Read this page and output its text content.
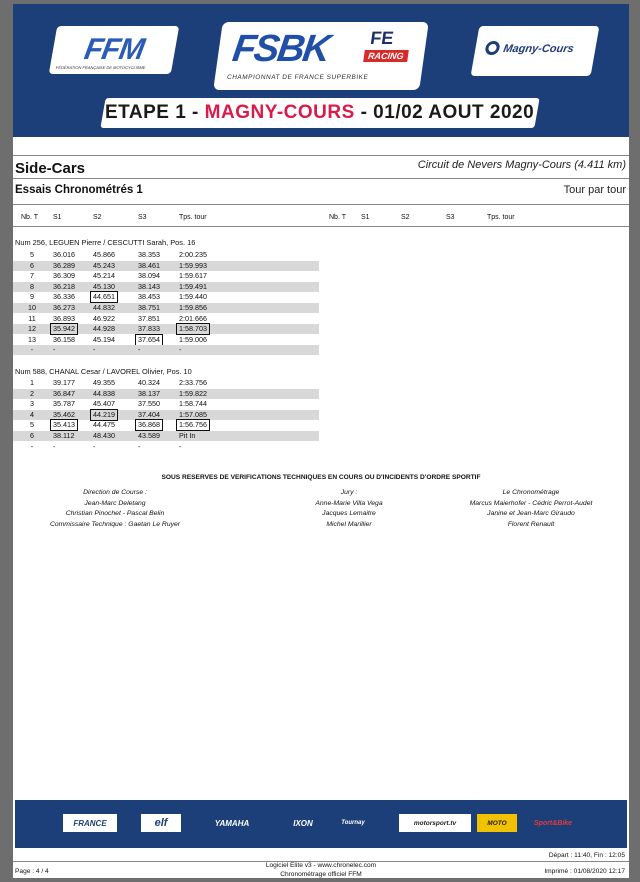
FFM
FÉDÉRATION FRANÇAISE DE MOTOCYCLISME FSBK FE
RACING
CHAMPIONNAT DE FRANCE SUPERBIKE
Magny-Cours
ETAPE 1 - MAGNY-COURS - 01/02 AOUT 2020
Side-Cars	Circuit de Nevers Magny-Cours (4.411 km)
Essais Chronométrés 1	Tour par tour
Nb. T S1	S2	S3	Tps. tour	Nb. T S1	S2	S3	Tps. tour
Num 256, LEGUEN Pierre / CESCUTTI Sarah, Pos. 16
5	36.016	45.866	38.353	2:00.235
6	36.289	45.243	38.461	1:59.993
7	36.309	45.214	38.094	1:59.617
8	36.218	45.130	38.143	1:59.491
9	36.336	44.651	38.453	1:59.440
10	36.273	44.832	38.751	1:59.856
11	36.893	46.922	37.851	2:01.666
12	35.942	44.928	37.833	1:58.703
13	36.158	45.194	37.654	1:59.006
-	-	-	-	-
Num 588, CHANAL Cesar / LAVOREL Olivier, Pos. 10
1	39.177	49.355	40.324	2:33.756
2	36.847	44.838	38.137	1:59.822
3	35.787	45.407	37.550	1:58.744
4	35.462	44.219	37.404	1:57.085
5	35.413	44.475	36.868	1:56.756
6	38.112	48.430	43.589	Pit In
-	-	-	-	-
SOUS RESERVES DE VERIFICATIONS TECHNIQUES EN COURS OU D'INCIDENTS D'ORDRE SPORTIF
Direction de Course :
Jean-Marc Deletang
Christian Pinochet - Pascal Belin
Commissaire Technique : Gaetan Le Ruyer
Jury :
Anne-Marie Villa Vega
Jacques Lemaitre
Michel Marillier
Le Chronométrage
Marcus Maierhofer - Cédric Perrot-Audet
Janine et Jean-Marc Giraudo
Florent Renault
FRANCE	elf	YAMAHA	IXON	Tournay	motorsport.tv	MOTO	Sport&Bike
Départ : 11:40, Fin : 12:05
Page : 4 / 4
Logiciel Elite v3 - www.chronelec.com
Chronométrage officiel FFM	Imprimé : 01/08/2020 12:17
